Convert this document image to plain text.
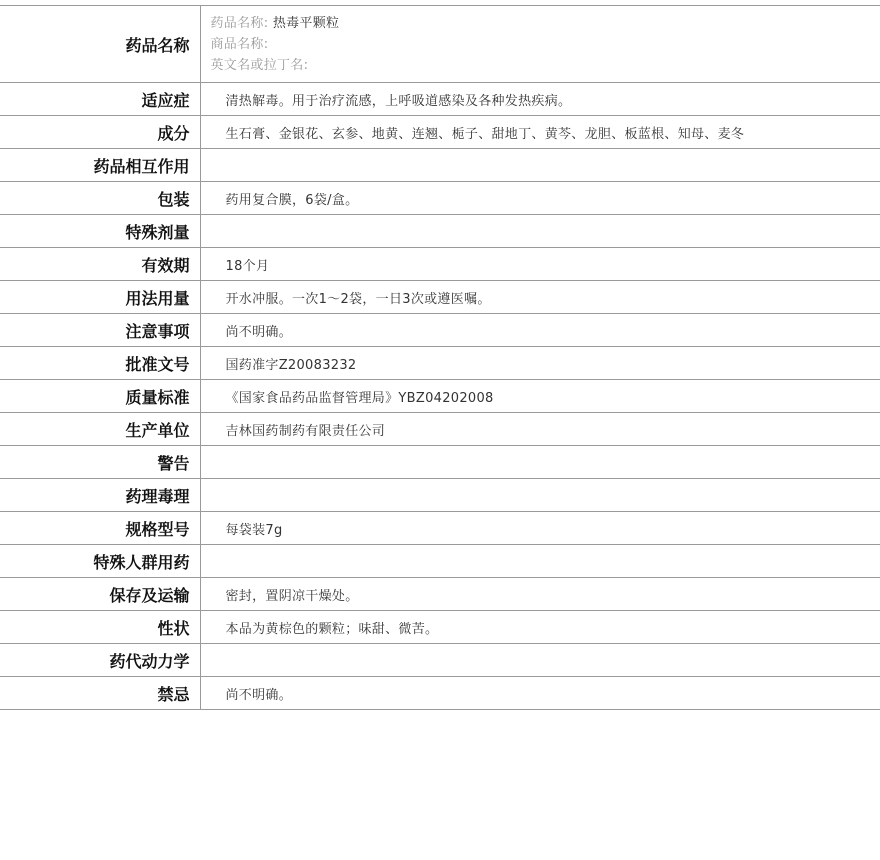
药品名称	药品名称: 热毒平颗粒
商品名称:
英文名或拉丁名:

适应症	清热解毒。用于治疗流感，上呼吸道感染及各种发热疾病。
成分	生石膏、金银花、玄参、地黄、连翘、栀子、甜地丁、黄芩、龙胆、板蓝根、知母、麦冬
药品相互作用	
包装	药用复合膜，6袋/盒。
特殊剂量	
有效期	18个月
用法用量	开水冲服。一次1～2袋，一日3次或遵医嘱。
注意事项	尚不明确。
批准文号	国药准字Z20083232
质量标准	《国家食品药品监督管理局》YBZ04202008
生产单位	吉林国药制药有限责任公司
警告	
药理毒理	
规格型号	每袋装7g
特殊人群用药	
保存及运输	密封，置阴凉干燥处。
性状	本品为黄棕色的颗粒；味甜、微苦。
药代动力学	
禁忌	尚不明确。
